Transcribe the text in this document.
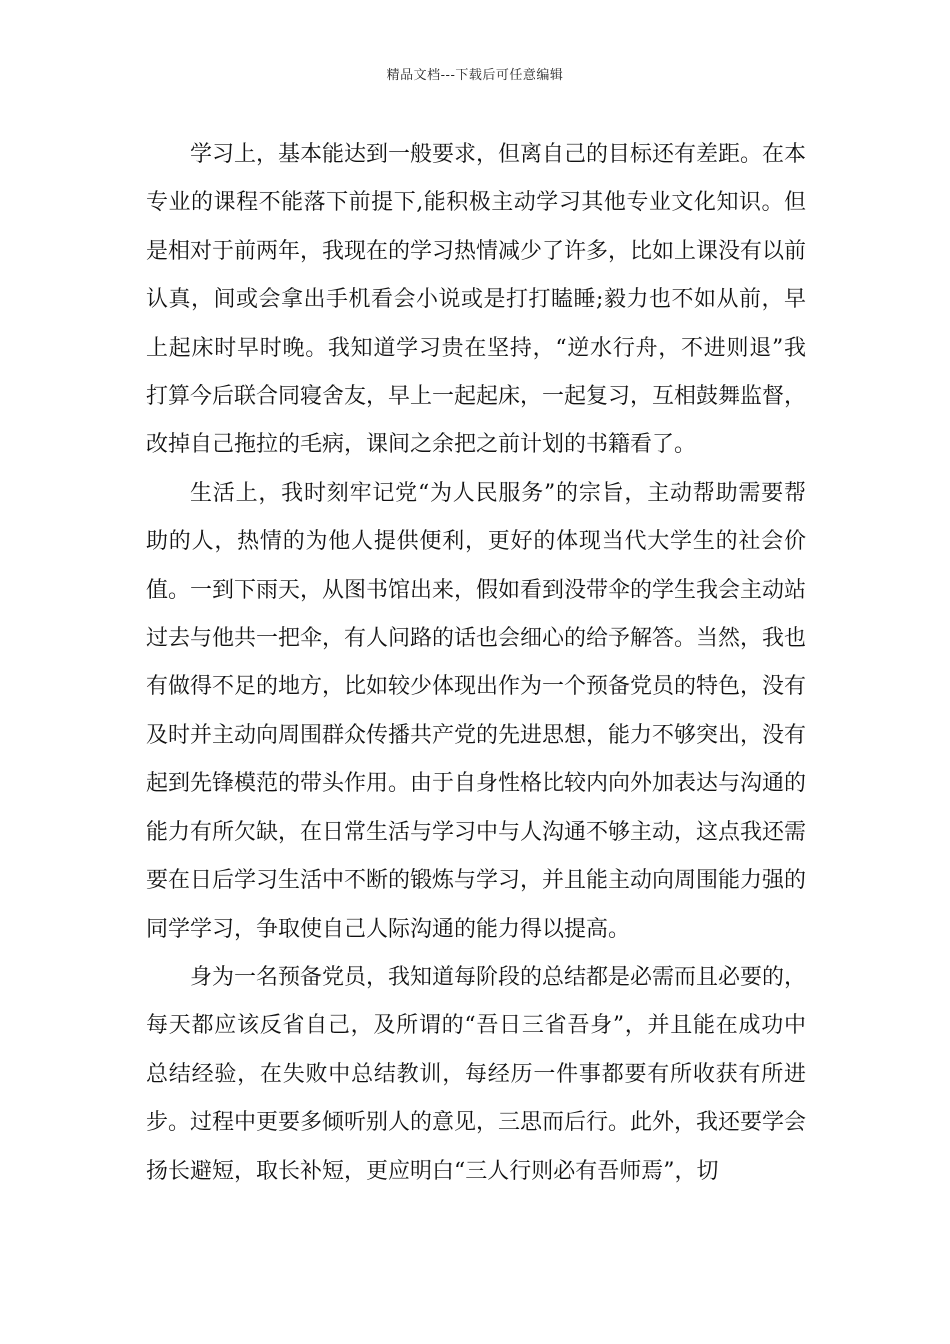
精品文档---下载后可任意编辑

学习上，基本能达到一般要求，但离自己的目标还有差距。在本专业的课程不能落下前提下,能积极主动学习其他专业文化知识。但是相对于前两年，我现在的学习热情减少了许多，比如上课没有以前认真，间或会拿出手机看会小说或是打打瞌睡;毅力也不如从前，早上起床时早时晚。我知道学习贵在坚持，“逆水行舟，不进则退”我打算今后联合同寝舍友，早上一起起床，一起复习，互相鼓舞监督，改掉自己拖拉的毛病，课间之余把之前计划的书籍看了。

生活上，我时刻牢记党“为人民服务”的宗旨，主动帮助需要帮助的人，热情的为他人提供便利，更好的体现当代大学生的社会价值。一到下雨天，从图书馆出来，假如看到没带伞的学生我会主动站过去与他共一把伞，有人问路的话也会细心的给予解答。当然，我也有做得不足的地方，比如较少体现出作为一个预备党员的特色，没有及时并主动向周围群众传播共产党的先进思想，能力不够突出，没有起到先锋模范的带头作用。由于自身性格比较内向外加表达与沟通的能力有所欠缺，在日常生活与学习中与人沟通不够主动，这点我还需要在日后学习生活中不断的锻炼与学习，并且能主动向周围能力强的同学学习，争取使自己人际沟通的能力得以提高。

身为一名预备党员，我知道每阶段的总结都是必需而且必要的，每天都应该反省自己，及所谓的“吾日三省吾身”，并且能在成功中总结经验，在失败中总结教训，每经历一件事都要有所收获有所进步。过程中更要多倾听别人的意见，三思而后行。此外，我还要学会扬长避短，取长补短，更应明白“三人行则必有吾师焉”，切
